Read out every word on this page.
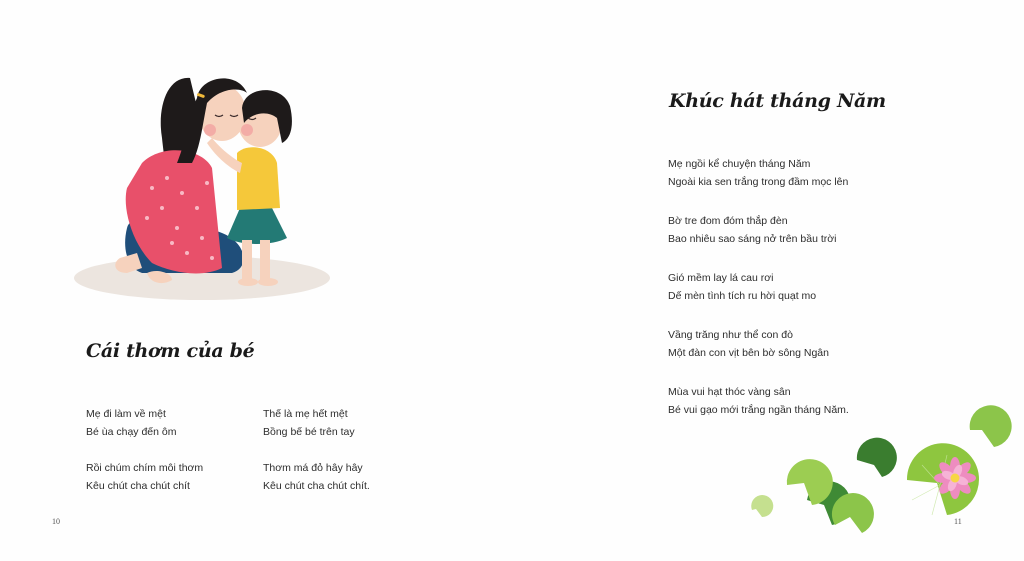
Cái thơm của bé
Mẹ đi làm về mệt
Bé ùa chạy đến ôm
Rồi chúm chím môi thơm
Kêu chút cha chút chít
Thế là mẹ hết mệt
Bồng bế bé trên tay
Thơm má đỏ hây hây
Kêu chút cha chút chít.
10
Khúc hát tháng Năm
Mẹ ngồi kể chuyện tháng Năm
Ngoài kia sen trắng trong đầm mọc lên
Bờ tre đom đóm thắp đèn
Bao nhiêu sao sáng nở trên bầu trời
Gió mềm lay lá cau rơi
Dế mèn tình tích ru hời quạt mo
Vầng trăng như thể con đò
Một đàn con vịt bên bờ sông Ngân
Mùa vui hạt thóc vàng sân
Bé vui gạo mới trắng ngần tháng Năm.
11
